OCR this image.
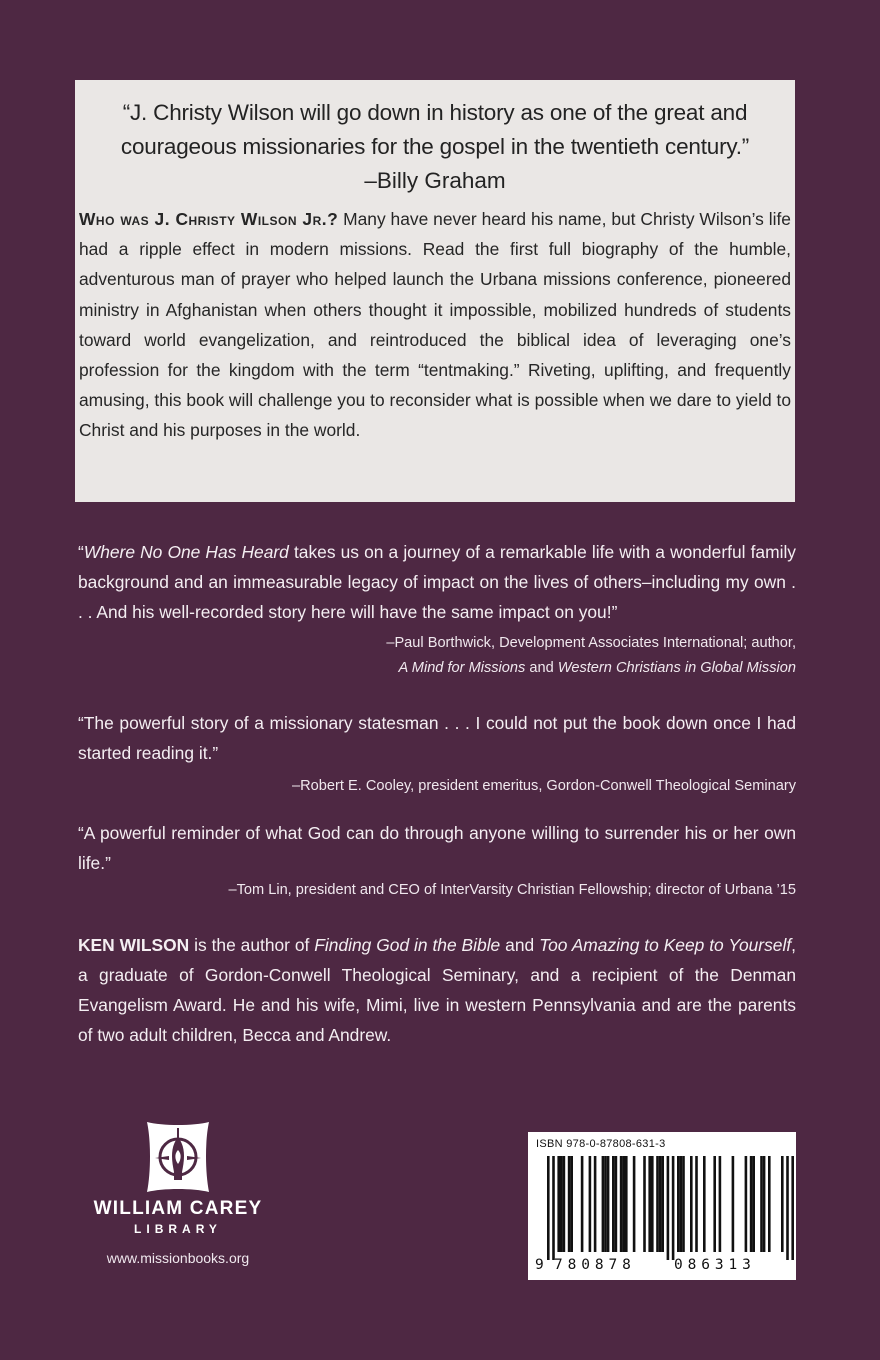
“J. Christy Wilson will go down in history as one of the great and courageous missionaries for the gospel in the twentieth century.”
–Billy Graham
Who was J. Christy Wilson Jr.? Many have never heard his name, but Christy Wilson’s life had a ripple effect in modern missions. Read the first full biography of the humble, adventurous man of prayer who helped launch the Urbana missions conference, pioneered ministry in Afghanistan when others thought it impossible, mobilized hundreds of students toward world evangelization, and reintroduced the biblical idea of leveraging one’s profession for the kingdom with the term “tentmaking.” Riveting, uplifting, and frequently amusing, this book will challenge you to reconsider what is possible when we dare to yield to Christ and his purposes in the world.
“Where No One Has Heard takes us on a journey of a remarkable life with a wonderful family background and an immeasurable legacy of impact on the lives of others–including my own . . . And his well-recorded story here will have the same impact on you!”
–Paul Borthwick, Development Associates International; author,
A Mind for Missions and Western Christians in Global Mission
“The powerful story of a missionary statesman . . . I could not put the book down once I had started reading it.”
–Robert E. Cooley, president emeritus, Gordon-Conwell Theological Seminary
“A powerful reminder of what God can do through anyone willing to surrender his or her own life.”
–Tom Lin, president and CEO of InterVarsity Christian Fellowship; director of Urbana ’15
KEN WILSON is the author of Finding God in the Bible and Too Amazing to Keep to Yourself, a graduate of Gordon-Conwell Theological Seminary, and a recipient of the Denman Evangelism Award. He and his wife, Mimi, live in western Pennsylvania and are the parents of two adult children, Becca and Andrew.
WILLIAM CAREY
LIBRARY
www.missionbooks.org
ISBN 978-0-87808-631-3
9 780878	086313
